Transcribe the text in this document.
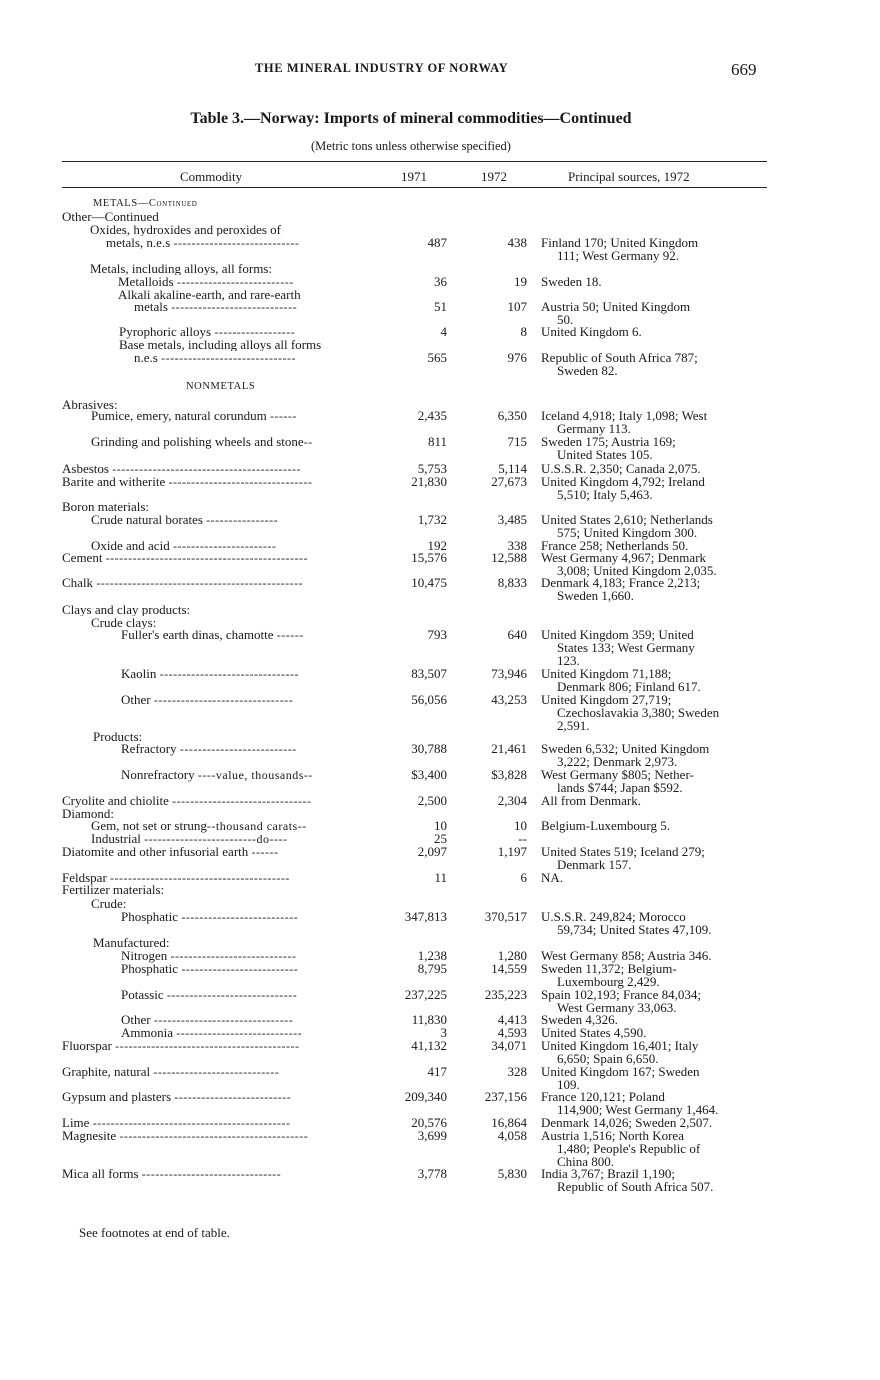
THE MINERAL INDUSTRY OF NORWAY	669
Table 3.—Norway: Imports of mineral commodities—Continued
(Metric tons unless otherwise specified)
Commodity	1971	1972	Principal sources, 1972
METALS—Continued
Other—Continued
Oxides, hydroxides and peroxides of
metals, n.e.s ----------------------------	487	438 Finland 170; United Kingdom
111; West Germany 92.
Metals, including alloys, all forms:
Metalloids --------------------------	36	19 Sweden 18.
Alkali akaline-earth, and rare-earth
metals ----------------------------	51	107 Austria 50; United Kingdom
50.
Pyrophoric alloys ------------------	4	8 United Kingdom 6.
Base metals, including alloys all forms
n.e.s ------------------------------	565	976 Republic of South Africa 787;
Sweden 82.
NONMETALS
Abrasives:
Pumice, emery, natural corundum ------	2,435	6,350 Iceland 4,918; Italy 1,098; West
Germany 113.
Grinding and polishing wheels and stone--	811	715 Sweden 175; Austria 169;
United States 105.
Asbestos ------------------------------------------	5,753	5,114 U.S.S.R. 2,350; Canada 2,075.
Barite and witherite --------------------------------	21,830	27,673 United Kingdom 4,792; Ireland
5,510; Italy 5,463.
Boron materials:
Crude natural borates ----------------	1,732	3,485 United States 2,610; Netherlands
575; United Kingdom 300.
Oxide and acid -----------------------	192	338 France 258; Netherlands 50.
Cement ---------------------------------------------	15,576	12,588 West Germany 4,967; Denmark
3,008; United Kingdom 2,035.
Chalk ----------------------------------------------	10,475	8,833 Denmark 4,183; France 2,213;
Sweden 1,660.
Clays and clay products:
Crude clays:
Fuller's earth dinas, chamotte ------	793	640 United Kingdom 359; United
States 133; West Germany
123.
Kaolin -------------------------------	83,507	73,946 United Kingdom 71,188;
Denmark 806; Finland 617.
Other -------------------------------	56,056	43,253 United Kingdom 27,719;
Czechoslavakia 3,380; Sweden
2,591.
Products:
Refractory --------------------------	30,788	21,461 Sweden 6,532; United Kingdom
3,222; Denmark 2,973.
Nonrefractory ----value, thousands--	$3,400	$3,828 West Germany $805; Nether-
lands $744; Japan $592.
Cryolite and chiolite -------------------------------	2,500	2,304 All from Denmark.
Diamond:
Gem, not set or strung--thousand carats--	10	10 Belgium-Luxembourg 5.
Industrial -------------------------do----	25	--
Diatomite and other infusorial earth ------	2,097	1,197 United States 519; Iceland 279;
Denmark 157.
Feldspar ----------------------------------------	11	6 NA.
Fertilizer materials:
Crude:
Phosphatic --------------------------	347,813	370,517 U.S.S.R. 249,824; Morocco
59,734; United States 47,109.
Manufactured:
Nitrogen ----------------------------	1,238	1,280 West Germany 858; Austria 346.
Phosphatic --------------------------	8,795	14,559 Sweden 11,372; Belgium-
Luxembourg 2,429.
Potassic -----------------------------	237,225	235,223 Spain 102,193; France 84,034;
West Germany 33,063.
Other -------------------------------	11,830	4,413 Sweden 4,326.
Ammonia ----------------------------	3	4,593 United States 4,590.
Fluorspar -----------------------------------------	41,132	34,071 United Kingdom 16,401; Italy
6,650; Spain 6,650.
Graphite, natural ----------------------------	417	328 United Kingdom 167; Sweden
109.
Gypsum and plasters --------------------------	209,340	237,156 France 120,121; Poland
114,900; West Germany 1,464.
Lime --------------------------------------------	20,576	16,864 Denmark 14,026; Sweden 2,507.
Magnesite ------------------------------------------	3,699	4,058 Austria 1,516; North Korea
1,480; People's Republic of
China 800.
Mica all forms -------------------------------	3,778	5,830 India 3,767; Brazil 1,190;
Republic of South Africa 507.
See footnotes at end of table.
